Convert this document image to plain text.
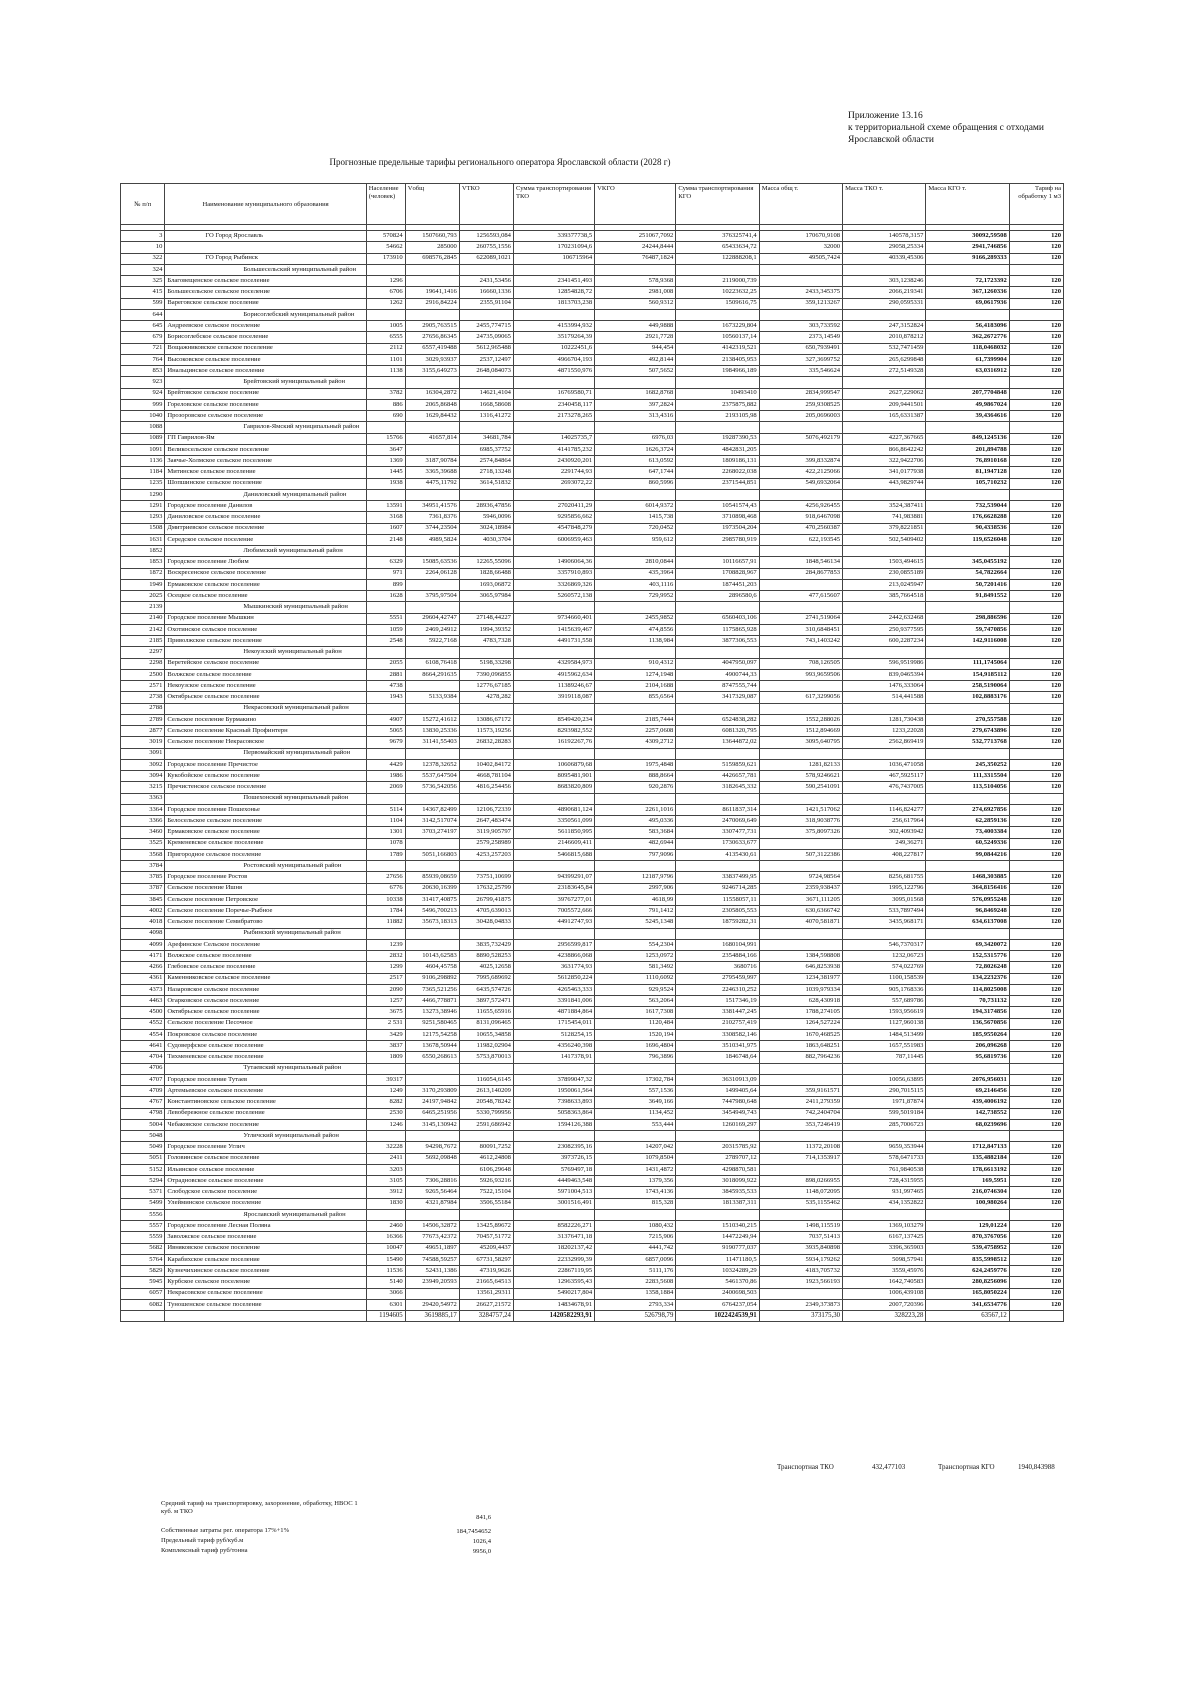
Приложение 13.16
к территориальной схеме обращения с отходами
Ярославской области
Прогнозные предельные тарифы регионального оператора Ярославской области (2028 г)
№ п/п	Наименование муниципального образования	Население (человек)	Vобщ	VТКО	Сумма транспортирования ТКО	VКГО	Сумма транспортирования КГО	Масса общ т.	Масса ТКО т.	Масса КГО т.	Тариф на обработку 1 м3

3	ГО Город Ярославль	570824	1507660,793	1256593,084	339377738,5	251067,7092	376325741,4	170670,9108	140578,3157	30092,59508	120
10		54662	285000	260755,1556	170231094,6	24244,8444	65433634,72	32000	29058,25334	2941,746856	120
322	ГО Город Рыбинск	173910	698576,2845	622089,1021	106715964	76487,1824	122888208,1	49505,7424	40339,45306	9166,289333	120
324	Большесельский муниципальный район										
325	Благовещенское сельское поселение	1296		2431,53456	2341451,493	578,9368	2119000,739		303,1238246	72,1723392	120
415	Большесельское сельское поселение	6706	19641,1416	16660,1336	12854828,72	2981,008	10223632,25	2433,345375	2066,219341	367,1260336	120
599	Вареговское сельское поселение	1262	2916,84224	2355,91104	1813703,238	560,9312	1509616,75	359,1213267	290,0595331	69,0617936	120
644	Борисоглебский муниципальный район										
645	Андреевское сельское поселение	1005	2905,763515	2455,774715	4153994,932	449,9888	1673229,804	303,733592	247,3152824	56,4183096	120
679	Борисоглебское сельское поселение	6555	27656,86345	24735,09065	35179264,39	2921,7728	10560137,14	2373,14549	2010,878212	362,2672776	120
721	Вощажниковское сельское поселение	2112	6557,419488	5612,965488	10222451,6	944,454	4142319,521	650,7939491	532,7471459	118,0468032	120
764	Высоковское сельское поселение	1101	3029,93937	2537,12497	4966704,193	492,8144	2138405,953	327,3699752	265,6299848	61,7399904	120
853	Инальцинское сельское поселение	1138	3155,649273	2648,084073	4871550,976	507,5652	1984966,189	335,546624	272,5149328	63,0316912	120
923	Брейтовский муниципальный район										
924	Брейтовское сельское поселение	3782	16304,2872	14621,4104	16769580,71	1682,8768	10493410	2834,999547	2627,229062	207,7704848	120
999	Гореловское сельское поселение	886	2065,86848	1668,58608	2340458,117	397,2824	2375875,882	259,9308525	209,9441501	49,9867024	120
1040	Прозоровское сельское поселение	690	1629,84432	1316,41272	2173278,265	313,4316	2193105,98	205,0696003	165,6331387	39,4364616	120
1088	Гаврилов-Ямский муниципальный район										
1089	ГП Гаврилов-Ям	15766	41657,814	34681,784	14025735,7	6976,03	19287390,53	5076,492179	4227,367665	849,1245136	120
1091	Великосельское сельское поселение	3647		6985,37752	4141785,232	1626,3724	4842831,205		866,8642242	201,894788	120
1136	Заячье-Холмское сельское поселение	1369	3187,90784	2574,84864	2430920,201	613,0592	1809186,131	399,8332874	322,9422706	76,8910168	120
1184	Митинское сельское поселение	1445	3365,39688	2718,13248	2291744,93	647,1744	2268022,038	422,2125066	341,0177938	81,1947128	120
1235	Шопшинское сельское поселение	1938	4475,11792	3614,51832	2693072,22	860,5996	2371544,851	549,6932064	443,9829744	105,710232	120
1290	Даниловский муниципальный район										
1291	Городское поселение Данилов	13591	34951,41576	28936,47856	27020411,29	6014,9372	10541574,43	4256,926455	3524,387411	732,539044	120
1293	Даниловское сельское поселение	3168	7361,8376	5946,0096	9295856,662	1415,738	3710898,468	918,6467098	741,983881	176,6628288	120
1508	Дмитриевское сельское поселение	1607	3744,23504	3024,18984	4547848,279	720,0452	1973504,204	470,2560387	379,8221851	90,4338536	120
1631	Середское сельское поселение	2148	4989,5824	4030,3704	6006959,463	959,612	2985780,919	622,193545	502,5409402	119,6526048	120
1852	Любимский муниципальный район										
1853	Городское поселение Любим	6329	15085,63536	12265,55096	14906064,36	2810,0844	10116657,91	1848,546134	1503,494615	345,0455192	120
1872	Воскресенское сельское поселение	971	2264,06128	1828,66488	3357910,893	435,3964	1708828,967	284,8677853	230,0855189	54,7822664	120
1949	Ермаковское сельское поселение	899		1693,06872	3326869,326	403,1116	1874451,203		213,0245947	50,7201416	120
2025	Осецкое сельское поселение	1628	3795,97504	3065,97984	5260572,138	729,9952	2896580,6	477,615607	385,7664518	91,8491552	120
2139	Мышкинский муниципальный район										
2140	Городское поселение Мышкин	5551	29604,42747	27148,44227	9734660,401	2455,9852	6560403,106	2741,519064	2442,632468	298,886596	120
2142	Охотинское сельское поселение	1059	2469,24912	1994,39352	1415639,467	474,8556	1175865,928	310,6848451	250,9377595	59,7470856	120
2185	Приволжское сельское поселение	2548	5922,7168	4783,7328	4491731,558	1138,984	3877306,553	743,1403242	600,2287234	142,9116008	120
2297	Некоузский муниципальный район										
2298	Веретейское сельское поселение	2055	6108,76418	5198,33298	4329584,973	910,4312	4047950,097	708,126505	596,9519986	111,1745064	120
2500	Волжское сельское поселение	2881	8664,291635	7390,096855	4915962,634	1274,1948	4900744,33	993,9659506	839,0465394	154,9185112	120
2571	Некоузское сельское поселение	4738		12776,67185	11389246,67	2104,1688	8747555,744		1476,333064	258,5190064	120
2738	Октябрьское сельское поселение	1943	5133,9384	4278,282	3919118,087	855,6564	3417329,087	617,3299056	514,441588	102,8883176	120
2788	Некрасовский муниципальный район										
2789	Сельское поселение Бурмакино	4907	15272,41612	13086,67172	8549420,234	2185,7444	6524838,282	1552,288026	1281,730438	270,557588	120
2877	Сельское поселение Красный Профинтерн	5065	13830,25336	11573,19256	8293982,552	2257,0608	6081320,795	1512,894669	1233,22028	279,6743896	120
3019	Сельское поселение Некрасовское	9679	31141,55403	26832,28283	16192267,76	4309,2712	13644872,02	3095,640795	2562,869419	532,7713768	120
3091	Первомайский муниципальный район										
3092	Городское поселение Пречистое	4429	12378,32652	10402,84172	10606879,68	1975,4848	5159859,621	1281,82133	1036,471058	245,350252	120
3094	Кукобойское сельское поселение	1986	5537,647504	4668,781104	8095481,901	888,8664	4426657,781	578,9246621	467,5925117	111,3315504	120
3215	Пречистенское сельское поселение	2069	5736,542056	4816,254456	8683820,809	920,2876	3182645,332	590,2541091	476,7437005	113,5104056	120
3363	Пошехонский муниципальный район										
3364	Городское поселение Пошехонье	5114	14367,82499	12106,72339	4890681,124	2261,1016	8611837,314	1421,517062	1146,824277	274,6927856	120
3366	Белосельское сельское поселение	1104	3142,517074	2647,483474	3350561,099	495,0336	2470069,649	318,9038776	256,617964	62,2859136	120
3460	Ермаковское сельское поселение	1301	3703,274197	3119,905797	5611850,995	583,3684	3307477,731	375,8097326	302,4093942	73,4003384	120
3525	Кременевское сельское поселение	1078		2579,258989	2146609,411	482,6944	1730633,677		249,36271	60,5249336	120
3568	Пригородное сельское поселение	1789	5051,166803	4253,257203	5466815,688	797,9096	4135430,61	507,3122386	408,227817	99,0844216	120
3784	Ростовский муниципальный район										
3785	Городское поселение Ростов	27656	85939,08659	73751,10699	94399291,07	12187,9796	33837499,95	9724,98564	8256,681755	1468,303885	120
3787	Сельское поселение Ишня	6776	20630,16399	17632,25799	23183645,84	2997,906	9246714,285	2359,938437	1995,122796	364,8156416	120
3845	Сельское поселение Петровское	10338	31417,40875	26799,41875	39767277,01	4618,99	11558057,11	3671,111205	3095,01568	576,0955248	120
4002	Сельское поселение Поречье-Рыбное	1784	5496,700213	4705,639013	7005572,666	791,1412	2305805,553	630,6366742	533,7897494	96,8469248	120
4018	Сельское поселение Семибратово	11882	35673,18313	30428,04833	44912747,93	5245,1348	18759282,31	4070,581871	3435,968171	634,6137008	120
4098	Рыбинский муниципальный район										
4099	Арефинское Сельское поселение	1239		3835,732429	2956599,817	554,2304	1680104,991		546,7370317	69,3420072	120
4171	Волжское сельское поселение	2832	10143,62583	8890,528253	4238866,068	1253,0972	2354884,166	1384,598808	1232,06723	152,5315776	120
4266	Глебовское сельское поселение	1299	4604,45758	4025,12658	3631774,93	581,3492	3680716	646,8253938	574,022769	72,8026248	120
4361	Каменниковское сельское поселение	2517	9106,298892	7995,689692	5612850,224	1110,6092	2795459,997	1234,381977	1100,158539	134,2232376	120
4373	Назаровское сельское поселение	2090	7365,521256	6435,574726	4265463,333	929,9524	2246310,252	1039,979334	905,1768336	114,8025008	120
4463	Огарковское сельское поселение	1257	4466,778871	3897,572471	3391841,006	563,2064	1517346,19	628,430918	557,689786	70,731132	120
4500	Октябрьское сельское поселение	3675	13273,38946	11655,65916	4871884,864	1617,7308	3381447,245	1788,274105	1593,956619	194,3174856	120
4552	Сельское поселение Песочное	2 531	9251,580465	8131,096465	1715454,011	1120,484	2102757,419	1264,527224	1127,960138	136,5670856	120
4554	Покровское сельское поселение	3429	12175,54258	10655,34858	5128254,15	1520,194	3308582,146	1670,468525	1484,513499	185,9550264	120
4641	Судоверфское сельское поселение	3837	13678,50944	11982,02904	4356240,398	1696,4804	3510341,975	1863,648251	1657,551983	206,096268	120
4704	Тихменевское сельское поселение	1809	6550,268613	5753,870013	1417378,91	796,3896	1846748,64	882,7964236	787,11445	95,6819736	120
4706	Тутаевский муниципальный район										
4707	Городское поселение Тутаев	39317		116054,6145	37899047,32	17302,784	36310913,09		10056,63895	2076,956031	120
4709	Артемьевское сельское поселение	1249	3170,293809	2613,140209	1950061,564	557,1536	1499405,64	359,9161571	290,7015115	69,2146456	120
4767	Константиновское сельское поселение	8282	24197,94842	20548,78242	7398633,893	3649,166	7447980,648	2411,279359	1971,87874	439,4006192	120
4798	Левобережное сельское поселение	2530	6465,251956	5330,799956	5058363,864	1134,452	3454949,743	742,2404704	599,5019184	142,738552	120
5004	Чебаковское сельское поселение	1246	3145,130942	2591,686942	1594126,388	553,444	1260169,297	353,7246419	285,7006723	68,0239696	120
5048	Угличский муниципальный район										
5049	Городское поселение Углич	32228	94298,7672	80091,7252	23082395,16	14207,042	20315785,92	11372,20108	9659,353944	1712,847133	120
5051	Головинское сельское поселение	2411	5692,09848	4612,24808	3973726,15	1079,8504	2789707,12	714,1353917	578,6471733	135,4882184	120
5152	Ильинское сельское поселение	3203		6106,29648	5769497,18	1431,4872	4298870,581		761,9840538	178,6613192	120
5294	Отрадновское сельское поселение	3105	7306,28816	5926,93216	4449463,548	1379,356	3018099,922	898,0266955	728,4315955	169,5951	120
5371	Слободское сельское поселение	3912	9265,56464	7522,15104	5971004,513	1743,4136	3845935,533	1148,072095	931,997465	216,0746304	120
5499	Улейминское сельское поселение	1830	4321,87984	3506,55184	3001516,491	815,328	1813387,311	535,1155462	434,1352822	100,980264	120
5556	Ярославский муниципальный район										
5557	Городское поселение Лесная Поляна	2460	14506,32872	13425,89672	8582226,271	1080,432	1510340,215	1498,115519	1369,103279	129,01224	120
5559	Заволжское сельское поселение	16366	77673,42372	70457,51772	31376471,18	7215,906	14472249,94	7037,51413	6167,137425	870,3767056	120
5682	Ивняковское сельское поселение	10047	49651,1897	45209,4437	18202137,42	4441,742	9190777,037	3935,840898	3396,365903	539,4758952	120
5764	Карабихское сельское поселение	15490	74588,59257	67731,58297	22332999,39	6857,0096	11471180,5	5934,179262	5098,57941	835,5998512	120
5829	Кузнечихинское сельское поселение	11536	52431,1386	47319,9626	22867119,95	5111,176	10324289,29	4183,705732	3559,45976	624,2459776	120
5945	Курбское сельское поселение	5140	23949,20593	21665,64513	12963595,43	2283,5608	5461370,86	1923,566193	1642,740583	280,8256096	120
6057	Некрасовское сельское поселение	3066		13561,29311	5490217,804	1358,1884	2400698,503		1006,439108	165,8050224	120
6082	Туношенское сельское поселение	6301	29420,54972	26627,21572	14834678,91	2793,334	6764237,054	2349,373873	2007,720396	341,6534776	120
		1194605	3619885,17	3284757,24	1420582293,91	526798,79	1022424539,91	373175,30	328223,28	63567,12	
Транспортная ТКО	432,477103	Транспортная КГО	1940,843988
Средний тариф на транспортировку, захоронение, обработку, НВОС 1 куб. м ТКО
841,6
Собственные затраты рег. оператора 17%+1%	184,7454652
Предельный тариф руб/куб.м	1026,4
Комплексный тариф руб/тонна	9956,0
